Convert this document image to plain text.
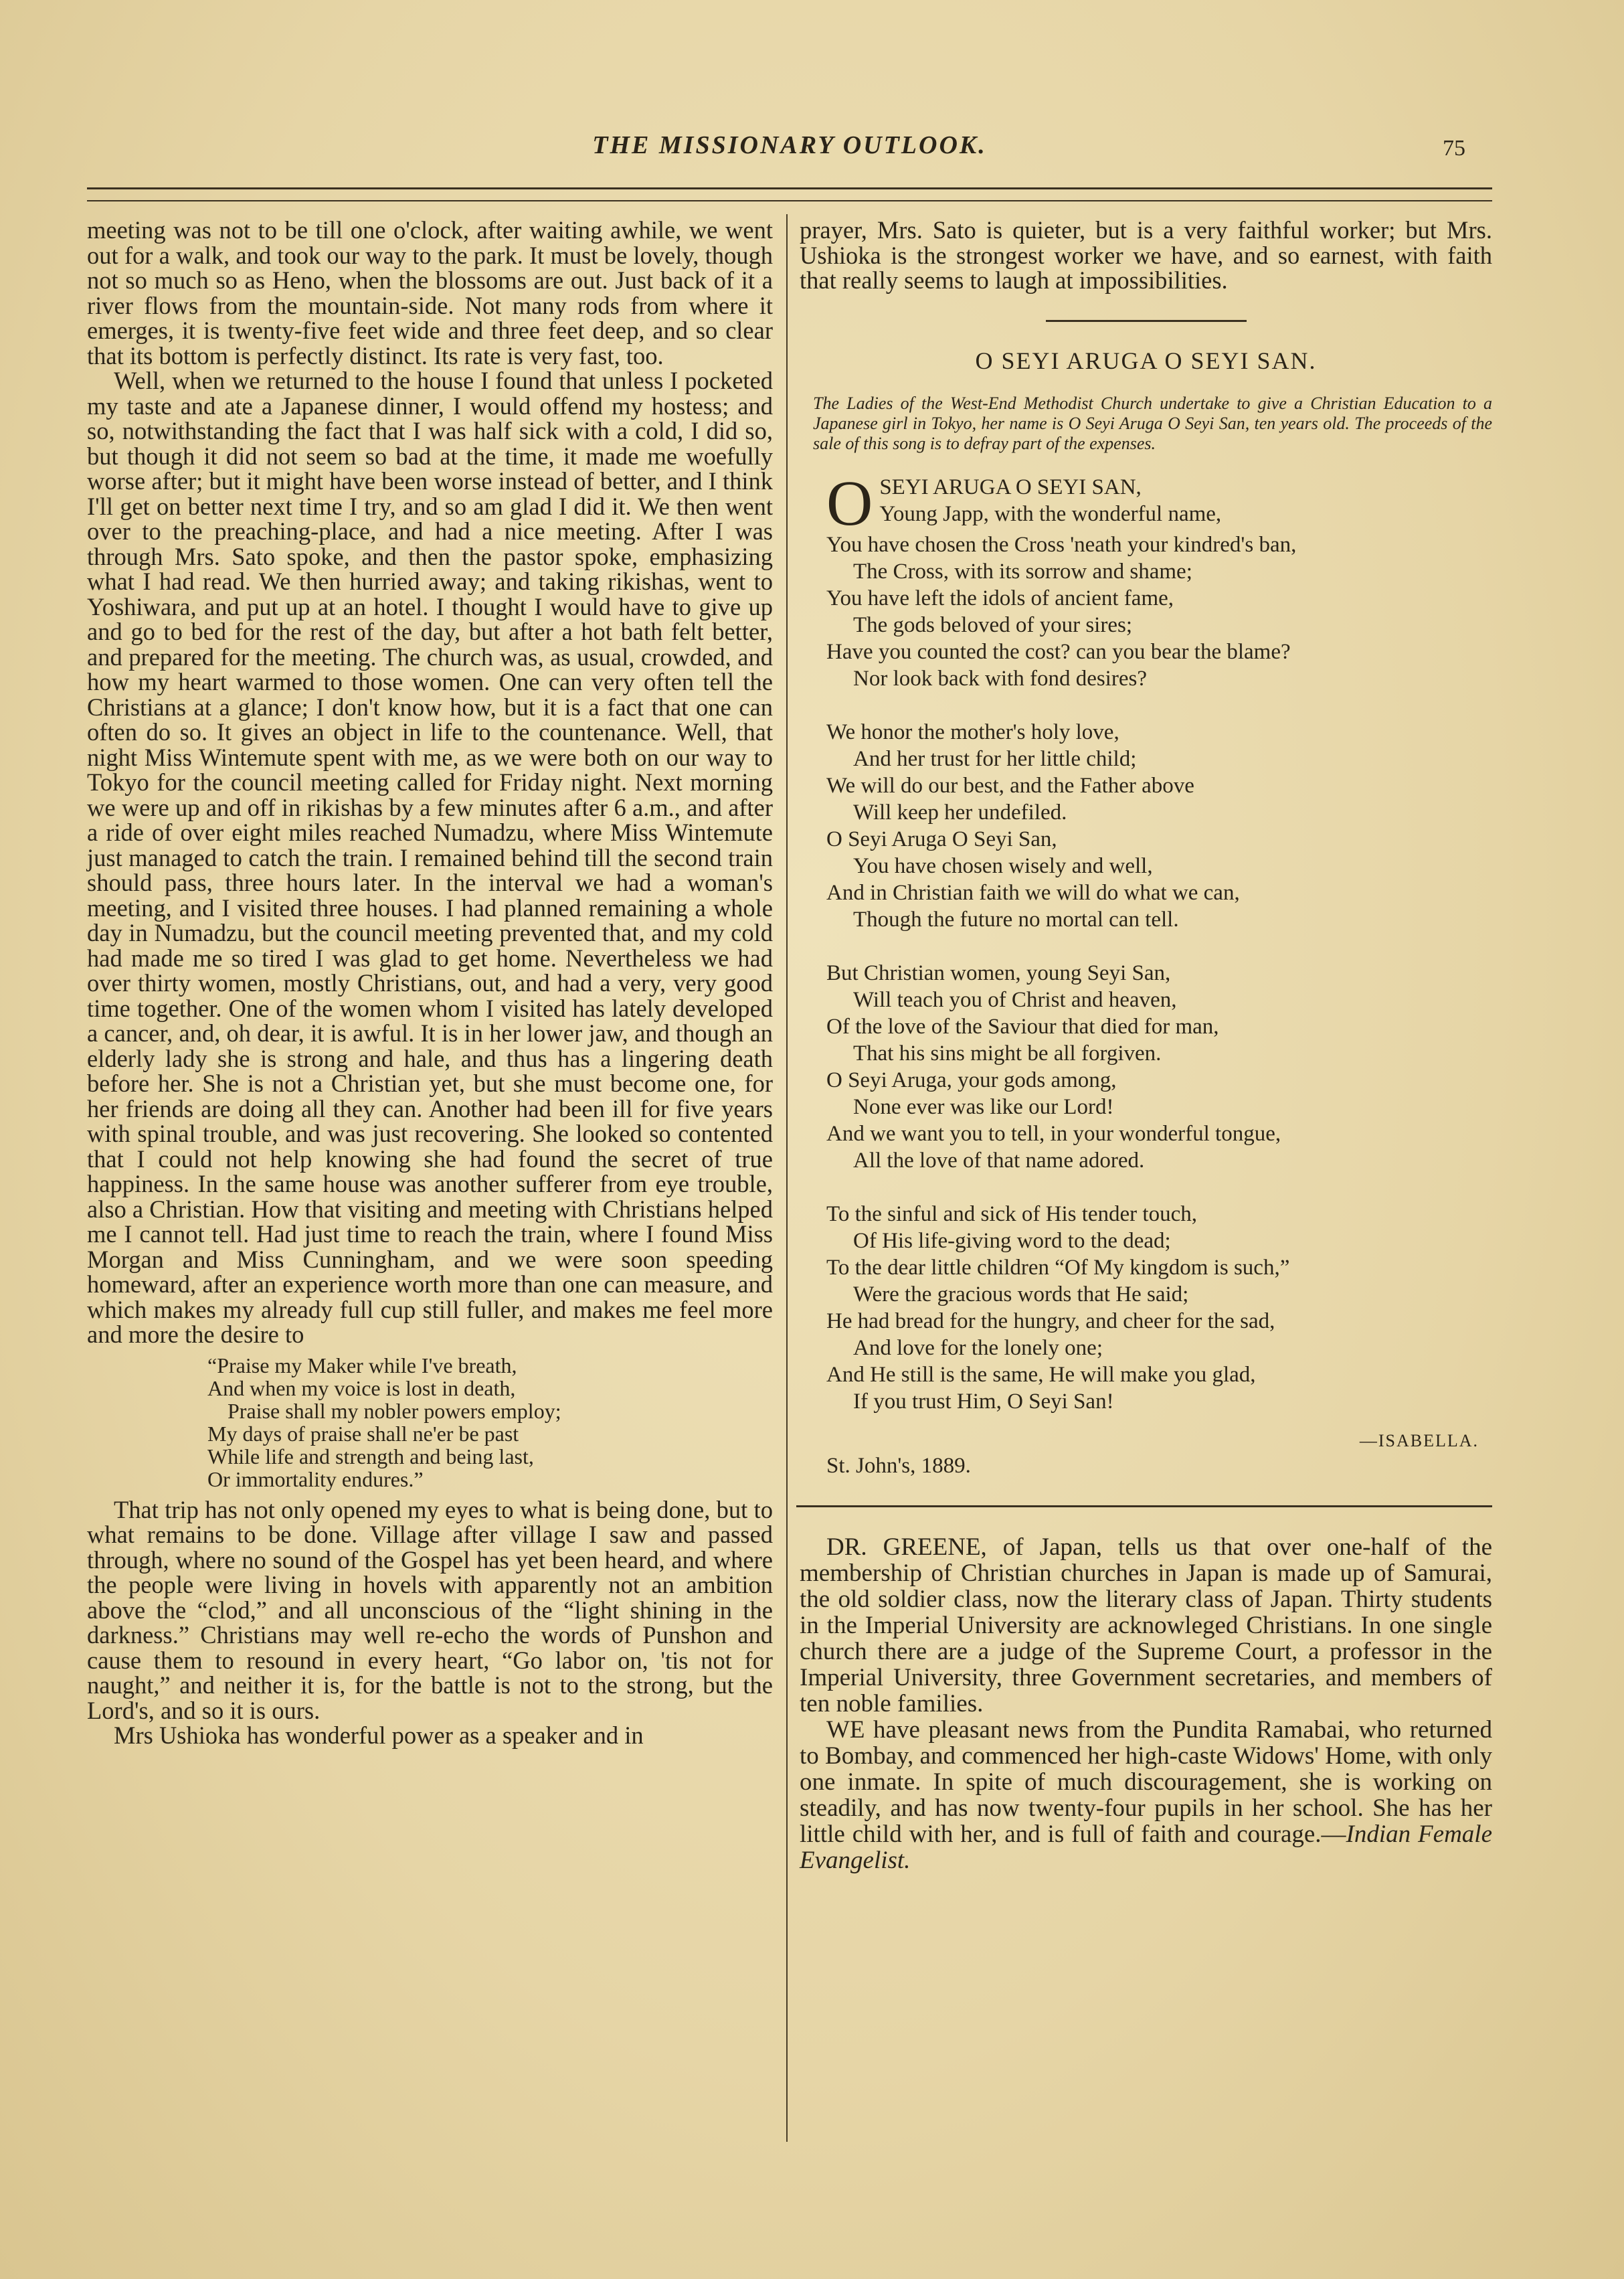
THE MISSIONARY OUTLOOK.	75

meeting was not to be till one o'clock, after waiting awhile, we went out for a walk, and took our way to the park. It must be lovely, though not so much so as Heno, when the blossoms are out. Just back of it a river flows from the mountain-side. Not many rods from where it emerges, it is twenty-five feet wide and three feet deep, and so clear that its bottom is perfectly distinct. Its rate is very fast, too.

Well, when we returned to the house I found that unless I pocketed my taste and ate a Japanese dinner, I would offend my hostess; and so, notwithstanding the fact that I was half sick with a cold, I did so, but though it did not seem so bad at the time, it made me woefully worse after; but it might have been worse instead of better, and I think I'll get on better next time I try, and so am glad I did it. We then went over to the preaching-place, and had a nice meeting. After I was through Mrs. Sato spoke, and then the pastor spoke, emphasizing what I had read. We then hurried away; and taking rikishas, went to Yoshiwara, and put up at an hotel. I thought I would have to give up and go to bed for the rest of the day, but after a hot bath felt better, and prepared for the meeting. The church was, as usual, crowded, and how my heart warmed to those women. One can very often tell the Christians at a glance; I don't know how, but it is a fact that one can often do so. It gives an object in life to the countenance. Well, that night Miss Wintemute spent with me, as we were both on our way to Tokyo for the council meeting called for Friday night. Next morning we were up and off in rikishas by a few minutes after 6 a.m., and after a ride of over eight miles reached Numadzu, where Miss Wintemute just managed to catch the train. I remained behind till the second train should pass, three hours later. In the interval we had a woman's meeting, and I visited three houses. I had planned remaining a whole day in Numadzu, but the council meeting prevented that, and my cold had made me so tired I was glad to get home. Nevertheless we had over thirty women, mostly Christians, out, and had a very, very good time together. One of the women whom I visited has lately developed a cancer, and, oh dear, it is awful. It is in her lower jaw, and though an elderly lady she is strong and hale, and thus has a lingering death before her. She is not a Christian yet, but she must become one, for her friends are doing all they can. Another had been ill for five years with spinal trouble, and was just recovering. She looked so contented that I could not help knowing she had found the secret of true happiness. In the same house was another sufferer from eye trouble, also a Christian. How that visiting and meeting with Christians helped me I cannot tell. Had just time to reach the train, where I found Miss Morgan and Miss Cunningham, and we were soon speeding homeward, after an experience worth more than one can measure, and which makes my already full cup still fuller, and makes me feel more and more the desire to

“Praise my Maker while I've breath,
And when my voice is lost in death,
Praise shall my nobler powers employ;
My days of praise shall ne'er be past
While life and strength and being last,
Or immortality endures.”

That trip has not only opened my eyes to what is being done, but to what remains to be done. Village after village I saw and passed through, where no sound of the Gospel has yet been heard, and where the people were living in hovels with apparently not an ambition above the “clod,” and all unconscious of the “light shining in the darkness.” Christians may well re-echo the words of Punshon and cause them to resound in every heart, “Go labor on, 'tis not for naught,” and neither it is, for the battle is not to the strong, but the Lord's, and so it is ours.

Mrs Ushioka has wonderful power as a speaker and in

prayer, Mrs. Sato is quieter, but is a very faithful worker; but Mrs. Ushioka is the strongest worker we have, and so earnest, with faith that really seems to laugh at impossibilities.

O SEYI ARUGA O SEYI SAN.
The Ladies of the West-End Methodist Church undertake to give a Christian Education to a Japanese girl in Tokyo, her name is O Seyi Aruga O Seyi San, ten years old. The proceeds of the sale of this song is to defray part of the expenses.
O SEYI ARUGA O SEYI SAN,
Young Japp, with the wonderful name,
You have chosen the Cross 'neath your kindred's ban,
The Cross, with its sorrow and shame;
You have left the idols of ancient fame,
The gods beloved of your sires;
Have you counted the cost? can you bear the blame?
Nor look back with fond desires?
We honor the mother's holy love,
And her trust for her little child;
We will do our best, and the Father above
Will keep her undefiled.
O Seyi Aruga O Seyi San,
You have chosen wisely and well,
And in Christian faith we will do what we can,
Though the future no mortal can tell.
But Christian women, young Seyi San,
Will teach you of Christ and heaven,
Of the love of the Saviour that died for man,
That his sins might be all forgiven.
O Seyi Aruga, your gods among,
None ever was like our Lord!
And we want you to tell, in your wonderful tongue,
All the love of that name adored.
To the sinful and sick of His tender touch,
Of His life-giving word to the dead;
To the dear little children “Of My kingdom is such,”
Were the gracious words that He said;
He had bread for the hungry, and cheer for the sad,
And love for the lonely one;
And He still is the same, He will make you glad,
If you trust Him, O Seyi San!
—ISABELLA.
St. John's, 1889.

DR. GREENE, of Japan, tells us that over one-half of the membership of Christian churches in Japan is made up of Samurai, the old soldier class, now the literary class of Japan. Thirty students in the Imperial University are acknowleged Christians. In one single church there are a judge of the Supreme Court, a professor in the Imperial University, three Government secretaries, and members of ten noble families.

WE have pleasant news from the Pundita Ramabai, who returned to Bombay, and commenced her high-caste Widows' Home, with only one inmate. In spite of much discouragement, she is working on steadily, and has now twenty-four pupils in her school. She has her little child with her, and is full of faith and courage.—Indian Female Evangelist.
